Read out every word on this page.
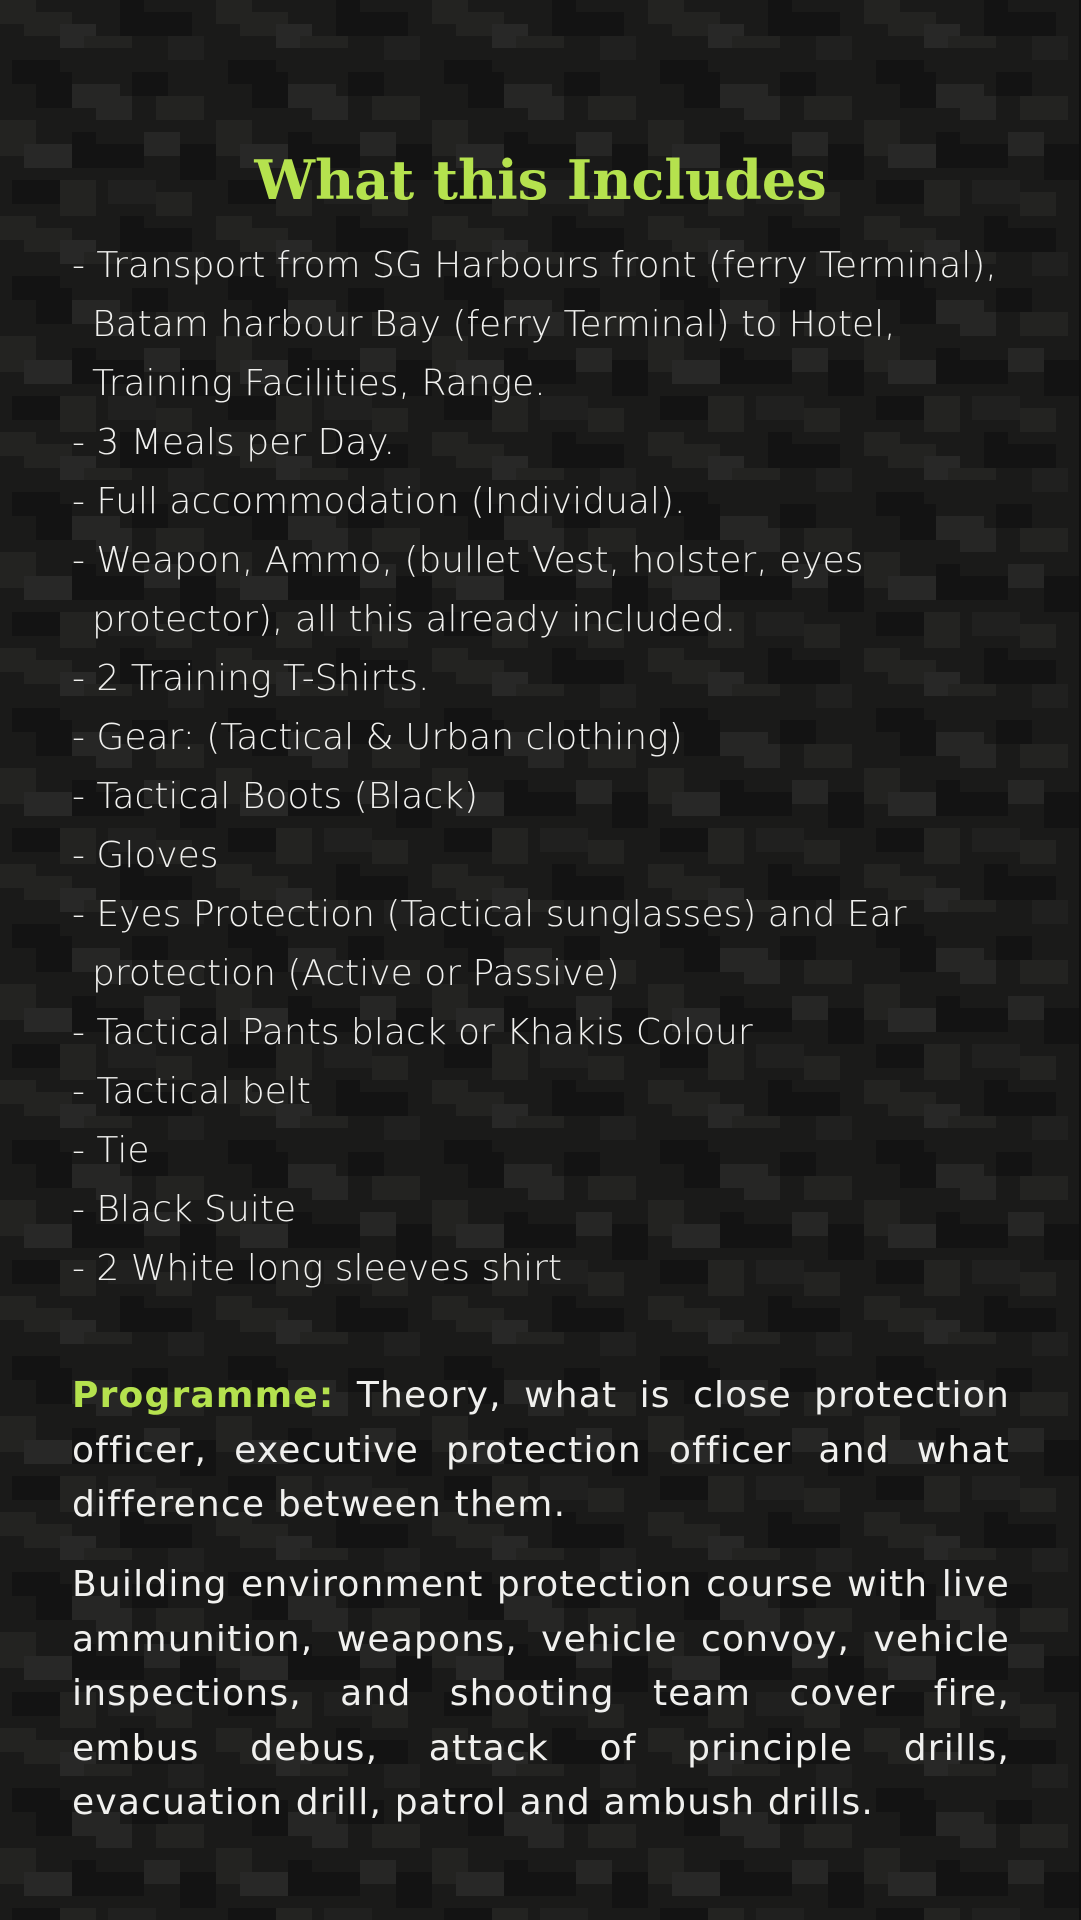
What this Includes
- Transport from SG Harbours front (ferry Terminal),
Batam harbour Bay (ferry Terminal) to Hotel,
Training Facilities, Range.
- 3 Meals per Day.
- Full accommodation (Individual).
- Weapon, Ammo, (bullet Vest, holster, eyes
protector), all this already included.
- 2 Training T-Shirts.
- Gear: (Tactical & Urban clothing)
- Tactical Boots (Black)
- Gloves
- Eyes Protection (Tactical sunglasses) and Ear
protection (Active or Passive)
- Tactical Pants black or Khakis Colour
- Tactical belt
- Tie
- Black Suite
- 2 White long sleeves shirt

Programme: Theory, what is close protection officer, executive protection officer and what difference between them.

Building environment protection course with live ammunition, weapons, vehicle convoy, vehicle inspections, and shooting team cover fire, embus debus, attack of principle drills, evacuation drill, patrol and ambush drills.
